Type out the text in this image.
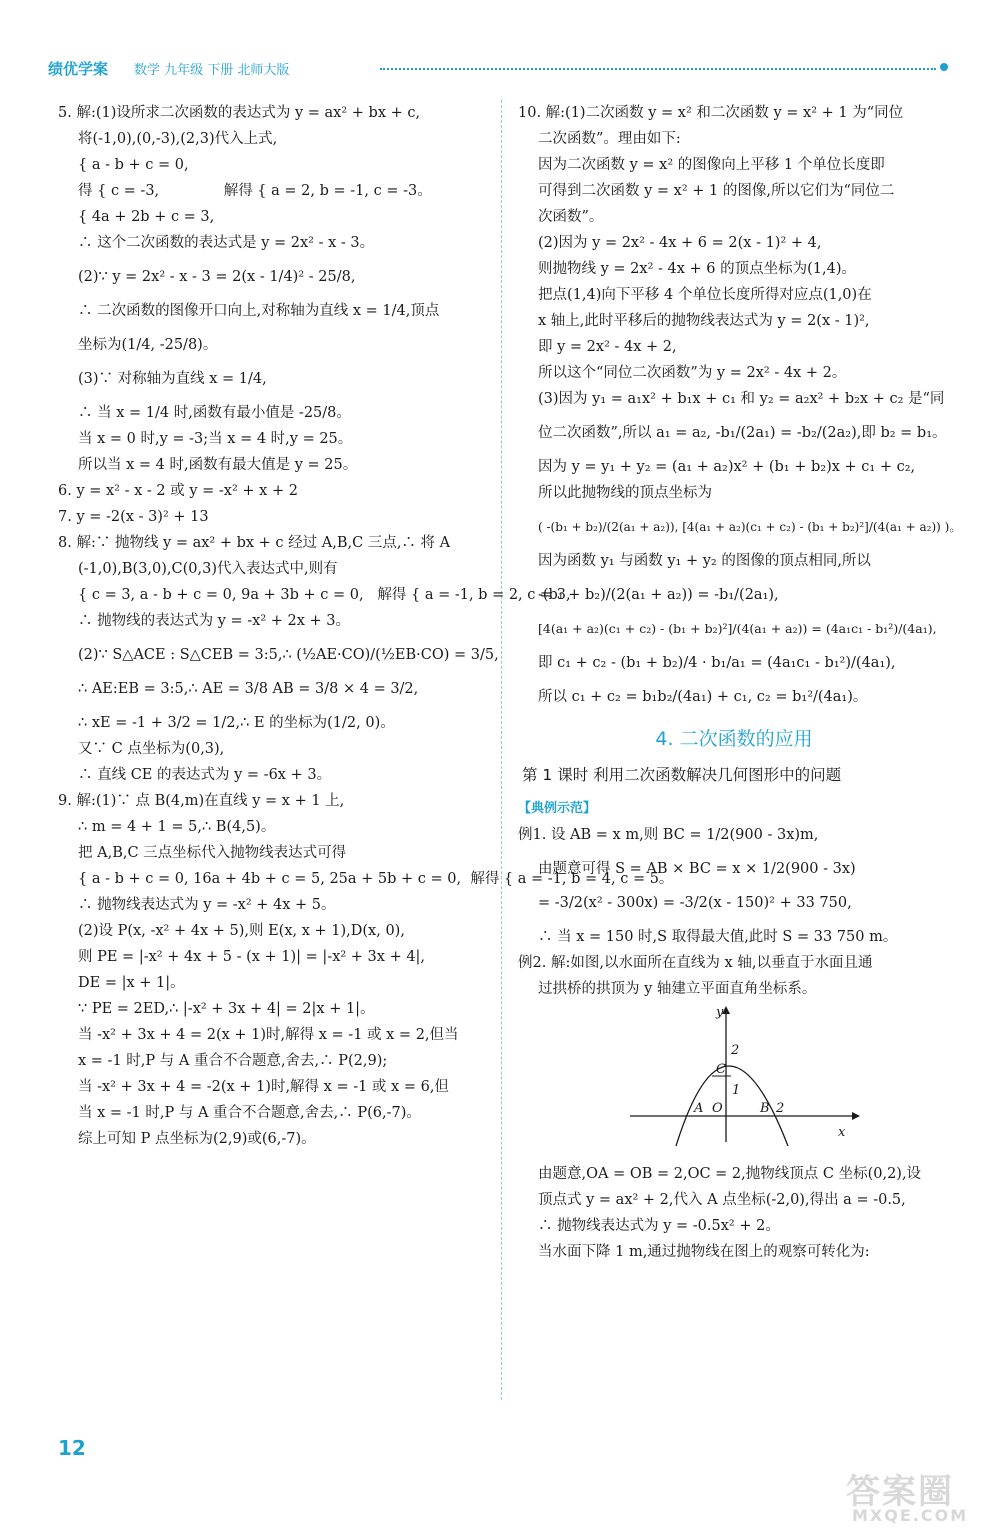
绩优学案 数学 九年级 下册 北师大版
5. 解:(1)设所求二次函数的表达式为 y = ax² + bx + c,
将(-1,0),(0,-3),(2,3)代入上式,
{ a - b + c = 0,
得 { c = -3,              解得 { a = 2, b = -1, c = -3。
{ 4a + 2b + c = 3,
∴ 这个二次函数的表达式是 y = 2x² - x - 3。
(2)∵ y = 2x² - x - 3 = 2(x - 1/4)² - 25/8,
∴ 二次函数的图像开口向上,对称轴为直线 x = 1/4,顶点
坐标为(1/4, -25/8)。
(3)∵ 对称轴为直线 x = 1/4,
∴ 当 x = 1/4 时,函数有最小值是 -25/8。
当 x = 0 时,y = -3;当 x = 4 时,y = 25。
所以当 x = 4 时,函数有最大值是 y = 25。
6. y = x² - x - 2 或 y = -x² + x + 2
7. y = -2(x - 3)² + 13
8. 解:∵ 抛物线 y = ax² + bx + c 经过 A,B,C 三点,∴ 将 A
(-1,0),B(3,0),C(0,3)代入表达式中,则有
{ c = 3, a - b + c = 0, 9a + 3b + c = 0,   解得 { a = -1, b = 2, c = 3,
∴ 抛物线的表达式为 y = -x² + 2x + 3。
(2)∵ S△ACE : S△CEB = 3:5,∴ (½AE·CO)/(½EB·CO) = 3/5,
∴ AE:EB = 3:5,∴ AE = 3/8 AB = 3/8 × 4 = 3/2,
∴ xE = -1 + 3/2 = 1/2,∴ E 的坐标为(1/2, 0)。
又∵ C 点坐标为(0,3),
∴ 直线 CE 的表达式为 y = -6x + 3。
9. 解:(1)∵ 点 B(4,m)在直线 y = x + 1 上,
∴ m = 4 + 1 = 5,∴ B(4,5)。
把 A,B,C 三点坐标代入抛物线表达式可得
{ a - b + c = 0, 16a + 4b + c = 5, 25a + 5b + c = 0,  解得 { a = -1, b = 4, c = 5。
∴ 抛物线表达式为 y = -x² + 4x + 5。
(2)设 P(x, -x² + 4x + 5),则 E(x, x + 1),D(x, 0),
则 PE = |-x² + 4x + 5 - (x + 1)| = |-x² + 3x + 4|,
DE = |x + 1|。
∵ PE = 2ED,∴ |-x² + 3x + 4| = 2|x + 1|。
当 -x² + 3x + 4 = 2(x + 1)时,解得 x = -1 或 x = 2,但当
x = -1 时,P 与 A 重合不合题意,舍去,∴ P(2,9);
当 -x² + 3x + 4 = -2(x + 1)时,解得 x = -1 或 x = 6,但
当 x = -1 时,P 与 A 重合不合题意,舍去,∴ P(6,-7)。
综上可知 P 点坐标为(2,9)或(6,-7)。
10. 解:(1)二次函数 y = x² 和二次函数 y = x² + 1 为“同位
二次函数”。理由如下:
因为二次函数 y = x² 的图像向上平移 1 个单位长度即
可得到二次函数 y = x² + 1 的图像,所以它们为“同位二
次函数”。
(2)因为 y = 2x² - 4x + 6 = 2(x - 1)² + 4,
则抛物线 y = 2x² - 4x + 6 的顶点坐标为(1,4)。
把点(1,4)向下平移 4 个单位长度所得对应点(1,0)在
x 轴上,此时平移后的抛物线表达式为 y = 2(x - 1)²,
即 y = 2x² - 4x + 2,
所以这个“同位二次函数”为 y = 2x² - 4x + 2。
(3)因为 y₁ = a₁x² + b₁x + c₁ 和 y₂ = a₂x² + b₂x + c₂ 是“同
位二次函数”,所以 a₁ = a₂, -b₁/(2a₁) = -b₂/(2a₂),即 b₂ = b₁。
因为 y = y₁ + y₂ = (a₁ + a₂)x² + (b₁ + b₂)x + c₁ + c₂,
所以此抛物线的顶点坐标为
( -(b₁ + b₂)/(2(a₁ + a₂)), [4(a₁ + a₂)(c₁ + c₂) - (b₁ + b₂)²]/(4(a₁ + a₂)) )。
因为函数 y₁ 与函数 y₁ + y₂ 的图像的顶点相同,所以
-(b₁ + b₂)/(2(a₁ + a₂)) = -b₁/(2a₁),
[4(a₁ + a₂)(c₁ + c₂) - (b₁ + b₂)²]/(4(a₁ + a₂)) = (4a₁c₁ - b₁²)/(4a₁),
即 c₁ + c₂ - (b₁ + b₂)/4 · b₁/a₁ = (4a₁c₁ - b₁²)/(4a₁),
所以 c₁ + c₂ = b₁b₂/(4a₁) + c₁, c₂ = b₁²/(4a₁)。
4. 二次函数的应用
第 1 课时 利用二次函数解决几何图形中的问题
【典例示范】
例1. 设 AB = x m,则 BC = 1/2(900 - 3x)m,
由题意可得 S = AB × BC = x × 1/2(900 - 3x)
= -3/2(x² - 300x) = -3/2(x - 150)² + 33 750,
∴ 当 x = 150 时,S 取得最大值,此时 S = 33 750 m。
例2. 解:如图,以水面所在直线为 x 轴,以垂直于水面且通
过拱桥的拱顶为 y 轴建立平面直角坐标系。
y
x
2
C
1
A O	B 2
由题意,OA = OB = 2,OC = 2,抛物线顶点 C 坐标(0,2),设
顶点式 y = ax² + 2,代入 A 点坐标(-2,0),得出 a = -0.5,
∴ 抛物线表达式为 y = -0.5x² + 2。
当水面下降 1 m,通过抛物线在图上的观察可转化为:
12
答案圈
MXQE.COM
